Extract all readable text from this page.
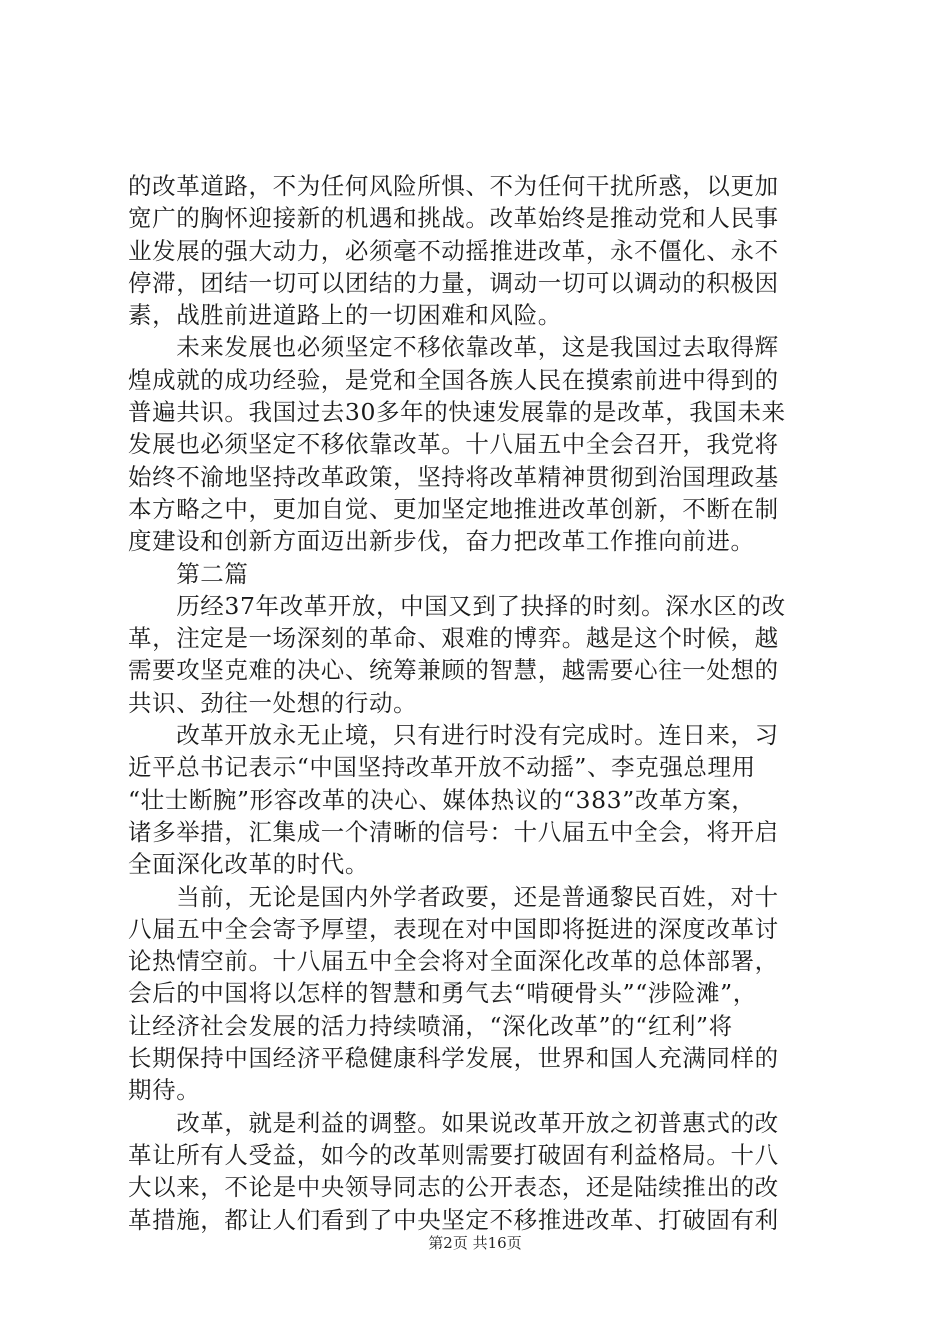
的改革道路，不为任何风险所惧、不为任何干扰所惑，以更加
宽广的胸怀迎接新的机遇和挑战。改革始终是推动党和人民事
业发展的强大动力，必须毫不动摇推进改革，永不僵化、永不
停滞，团结一切可以团结的力量，调动一切可以调动的积极因
素，战胜前进道路上的一切困难和风险。
　　未来发展也必须坚定不移依靠改革，这是我国过去取得辉
煌成就的成功经验，是党和全国各族人民在摸索前进中得到的
普遍共识。我国过去30多年的快速发展靠的是改革，我国未来
发展也必须坚定不移依靠改革。十八届五中全会召开，我党将
始终不渝地坚持改革政策，坚持将改革精神贯彻到治国理政基
本方略之中，更加自觉、更加坚定地推进改革创新，不断在制
度建设和创新方面迈出新步伐，奋力把改革工作推向前进。
　　第二篇
　　历经37年改革开放，中国又到了抉择的时刻。深水区的改
革，注定是一场深刻的革命、艰难的博弈。越是这个时候，越
需要攻坚克难的决心、统筹兼顾的智慧，越需要心往一处想的
共识、劲往一处想的行动。
　　改革开放永无止境，只有进行时没有完成时。连日来，习
近平总书记表示“中国坚持改革开放不动摇”、李克强总理用
“壮士断腕”形容改革的决心、媒体热议的“383”改革方案，
诸多举措，汇集成一个清晰的信号：十八届五中全会，将开启
全面深化改革的时代。
　　当前，无论是国内外学者政要，还是普通黎民百姓，对十
八届五中全会寄予厚望，表现在对中国即将挺进的深度改革讨
论热情空前。十八届五中全会将对全面深化改革的总体部署，
会后的中国将以怎样的智慧和勇气去“啃硬骨头”“涉险滩”，
让经济社会发展的活力持续喷涌，“深化改革”的“红利”将
长期保持中国经济平稳健康科学发展，世界和国人充满同样的
期待。
　　改革，就是利益的调整。如果说改革开放之初普惠式的改
革让所有人受益，如今的改革则需要打破固有利益格局。十八
大以来，不论是中央领导同志的公开表态，还是陆续推出的改
革措施，都让人们看到了中央坚定不移推进改革、打破固有利
第2页 共16页
